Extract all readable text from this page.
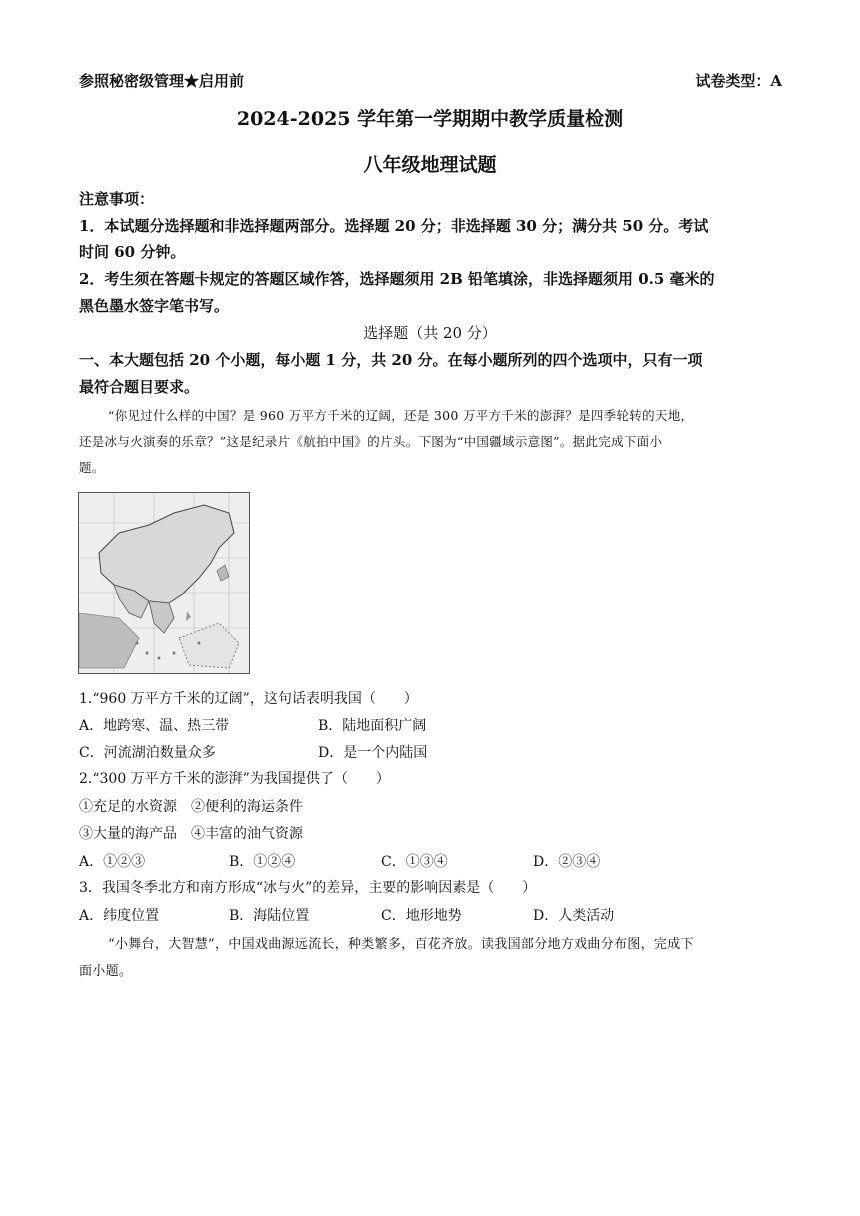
参照秘密级管理★启用前	试卷类型：A
2024-2025 学年第一学期期中教学质量检测
八年级地理试题
注意事项：
1．本试题分选择题和非选择题两部分。选择题 20 分；非选择题 30 分；满分共 50 分。考试
时间 60 分钟。
2．考生须在答题卡规定的答题区域作答，选择题须用 2B 铅笔填涂，非选择题须用 0.5 毫米的
黑色墨水签字笔书写。
选择题（共 20 分）
一、本大题包括 20 个小题，每小题 1 分，共 20 分。在每小题所列的四个选项中，只有一项
最符合题目要求。
“你见过什么样的中国？是 960 万平方千米的辽阔，还是 300 万平方千米的澎湃？是四季轮转的天地，
还是冰与火演奏的乐章？”这是纪录片《航拍中国》的片头。下图为“中国疆域示意图”。据此完成下面小
题。
1.“960 万平方千米的辽阔”，这句话表明我国（　　）
A．地跨寒、温、热三带	B．陆地面积广阔
C．河流湖泊数量众多	D．是一个内陆国
2.“300 万平方千米的澎湃”为我国提供了（　　）
①充足的水资源　②便利的海运条件
③大量的海产品　④丰富的油气资源
A．①②③	B．①②④	C．①③④	D．②③④
3．我国冬季北方和南方形成“冰与火”的差异，主要的影响因素是（　　）
A．纬度位置	B．海陆位置	C．地形地势	D．人类活动
“小舞台，大智慧”，中国戏曲源远流长，种类繁多，百花齐放。读我国部分地方戏曲分布图，完成下
面小题。
